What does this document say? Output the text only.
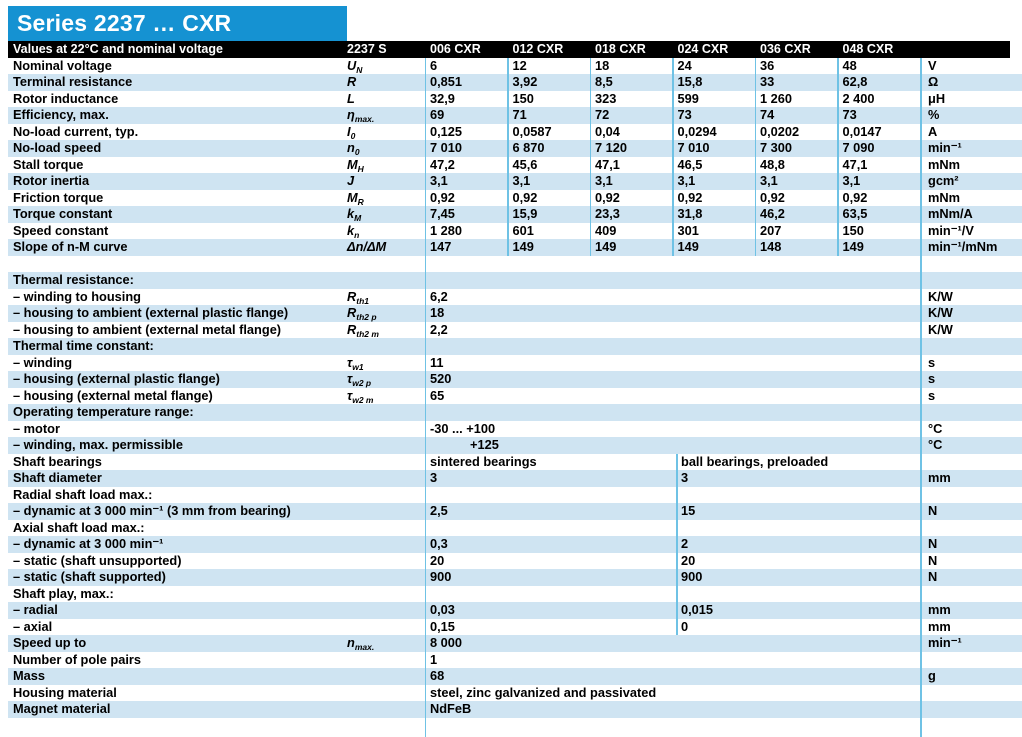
Series 2237 … CXR
Values at 22°C and nominal voltage	2237 S	006 CXR	012 CXR	018 CXR	024 CXR	036 CXR	048 CXR
Nominal voltage	$U_N$	6	12	18	24	36	48	V
Terminal resistance	R	0,851	3,92	8,5	15,8	33	62,8	Ω
Rotor inductance	L	32,9	150	323	599	1 260	2 400	μH
Efficiency, max.	$\eta_{max.}$	69	71	72	73	74	73	%
No-load current, typ.	$I_0$	0,125	0,0587	0,04	0,0294	0,0202	0,0147	A
No-load speed	$n_0$	7 010	6 870	7 120	7 010	7 300	7 090	min⁻¹
Stall torque	$M_H$	47,2	45,6	47,1	46,5	48,8	47,1	mNm
Rotor inertia	J	3,1	3,1	3,1	3,1	3,1	3,1	gcm²
Friction torque	$M_R$	0,92	0,92	0,92	0,92	0,92	0,92	mNm
Torque constant	$k_M$	7,45	15,9	23,3	31,8	46,2	63,5	mNm/A
Speed constant	$k_n$	1 280	601	409	301	207	150	min⁻¹/V
Slope of n-M curve	Δn/ΔM	147	149	149	149	148	149	min⁻¹/mNm
Thermal resistance:
– winding to housing	$R_{th1}$	6,2	K/W
– housing to ambient (external plastic flange)	$R_{th2 p}$	18	K/W
– housing to ambient (external metal flange)	$R_{th2 m}$	2,2	K/W
Thermal time constant:
– winding	$\tau_{w1}$	11	s
– housing (external plastic flange)	$\tau_{w2 p}$	520	s
– housing (external metal flange)	$\tau_{w2 m}$	65	s
Operating temperature range:
– motor	-30 ... +100	°C
– winding, max. permissible	+125	°C
Shaft bearings	sintered bearings	ball bearings, preloaded
Shaft diameter	3	3	mm
Radial shaft load max.:
– dynamic at 3 000 min⁻¹ (3 mm from bearing)	2,5	15	N
Axial shaft load max.:
– dynamic at 3 000 min⁻¹	0,3	2	N
– static (shaft unsupported)	20	20	N
– static (shaft supported)	900	900	N
Shaft play, max.:
– radial	0,03	0,015	mm
– axial	0,15	0	mm
Speed up to	$n_{max.}$	8 000	min⁻¹
Number of pole pairs	1
Mass	68	g
Housing material	steel, zinc galvanized and passivated
Magnet material	NdFeB
